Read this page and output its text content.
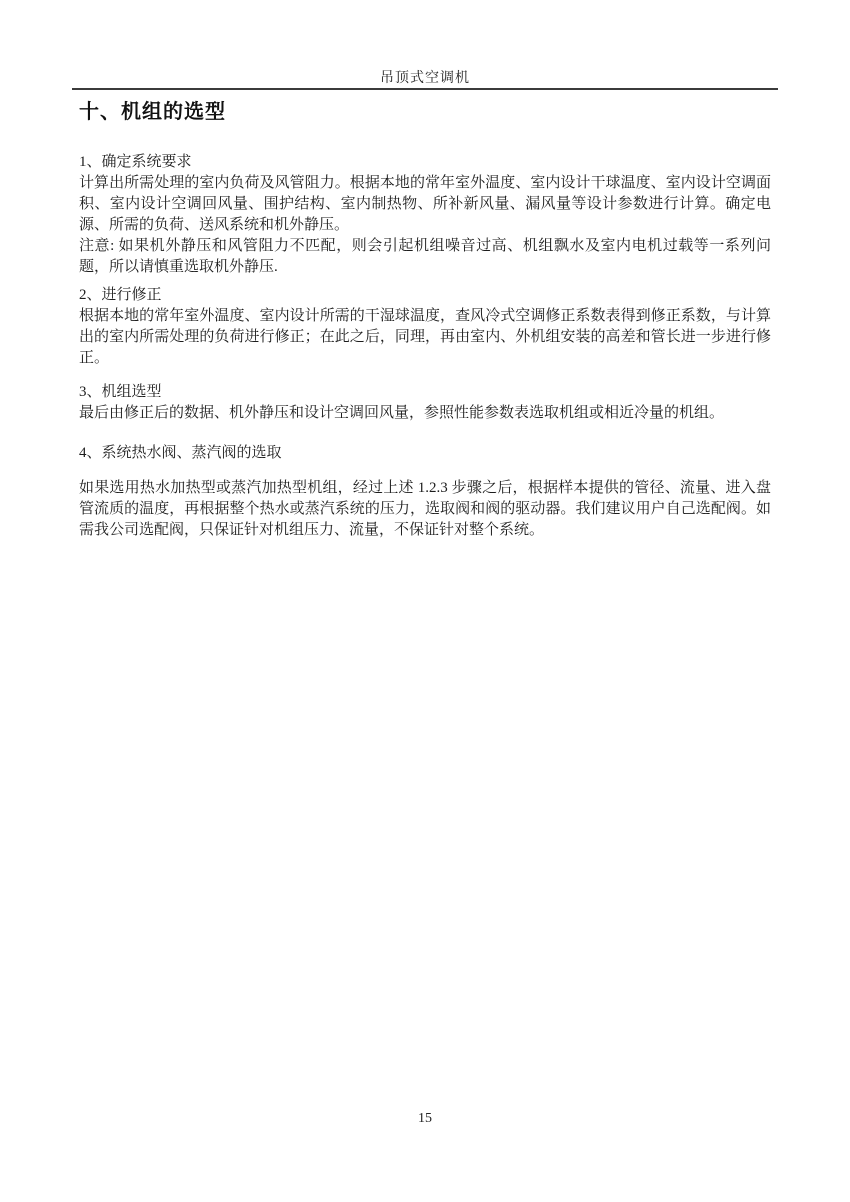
吊顶式空调机
十、机组的选型
1、确定系统要求

计算出所需处理的室内负荷及风管阻力。根据本地的常年室外温度、室内设计干球温度、室内设计空调面积、室内设计空调回风量、围护结构、室内制热物、所补新风量、漏风量等设计参数进行计算。确定电源、所需的负荷、送风系统和机外静压。

注意: 如果机外静压和风管阻力不匹配，则会引起机组噪音过高、机组飘水及室内电机过载等一系列问题，所以请慎重选取机外静压.

2、进行修正

根据本地的常年室外温度、室内设计所需的干湿球温度，查风冷式空调修正系数表得到修正系数，与计算出的室内所需处理的负荷进行修正；在此之后，同理，再由室内、外机组安装的高差和管长进一步进行修正。

3、机组选型

最后由修正后的数据、机外静压和设计空调回风量，参照性能参数表选取机组或相近冷量的机组。

4、系统热水阀、蒸汽阀的选取

如果选用热水加热型或蒸汽加热型机组，经过上述 1.2.3 步骤之后，根据样本提供的管径、流量、进入盘管流质的温度，再根据整个热水或蒸汽系统的压力，选取阀和阀的驱动器。我们建议用户自己选配阀。如需我公司选配阀，只保证针对机组压力、流量，不保证针对整个系统。

15
